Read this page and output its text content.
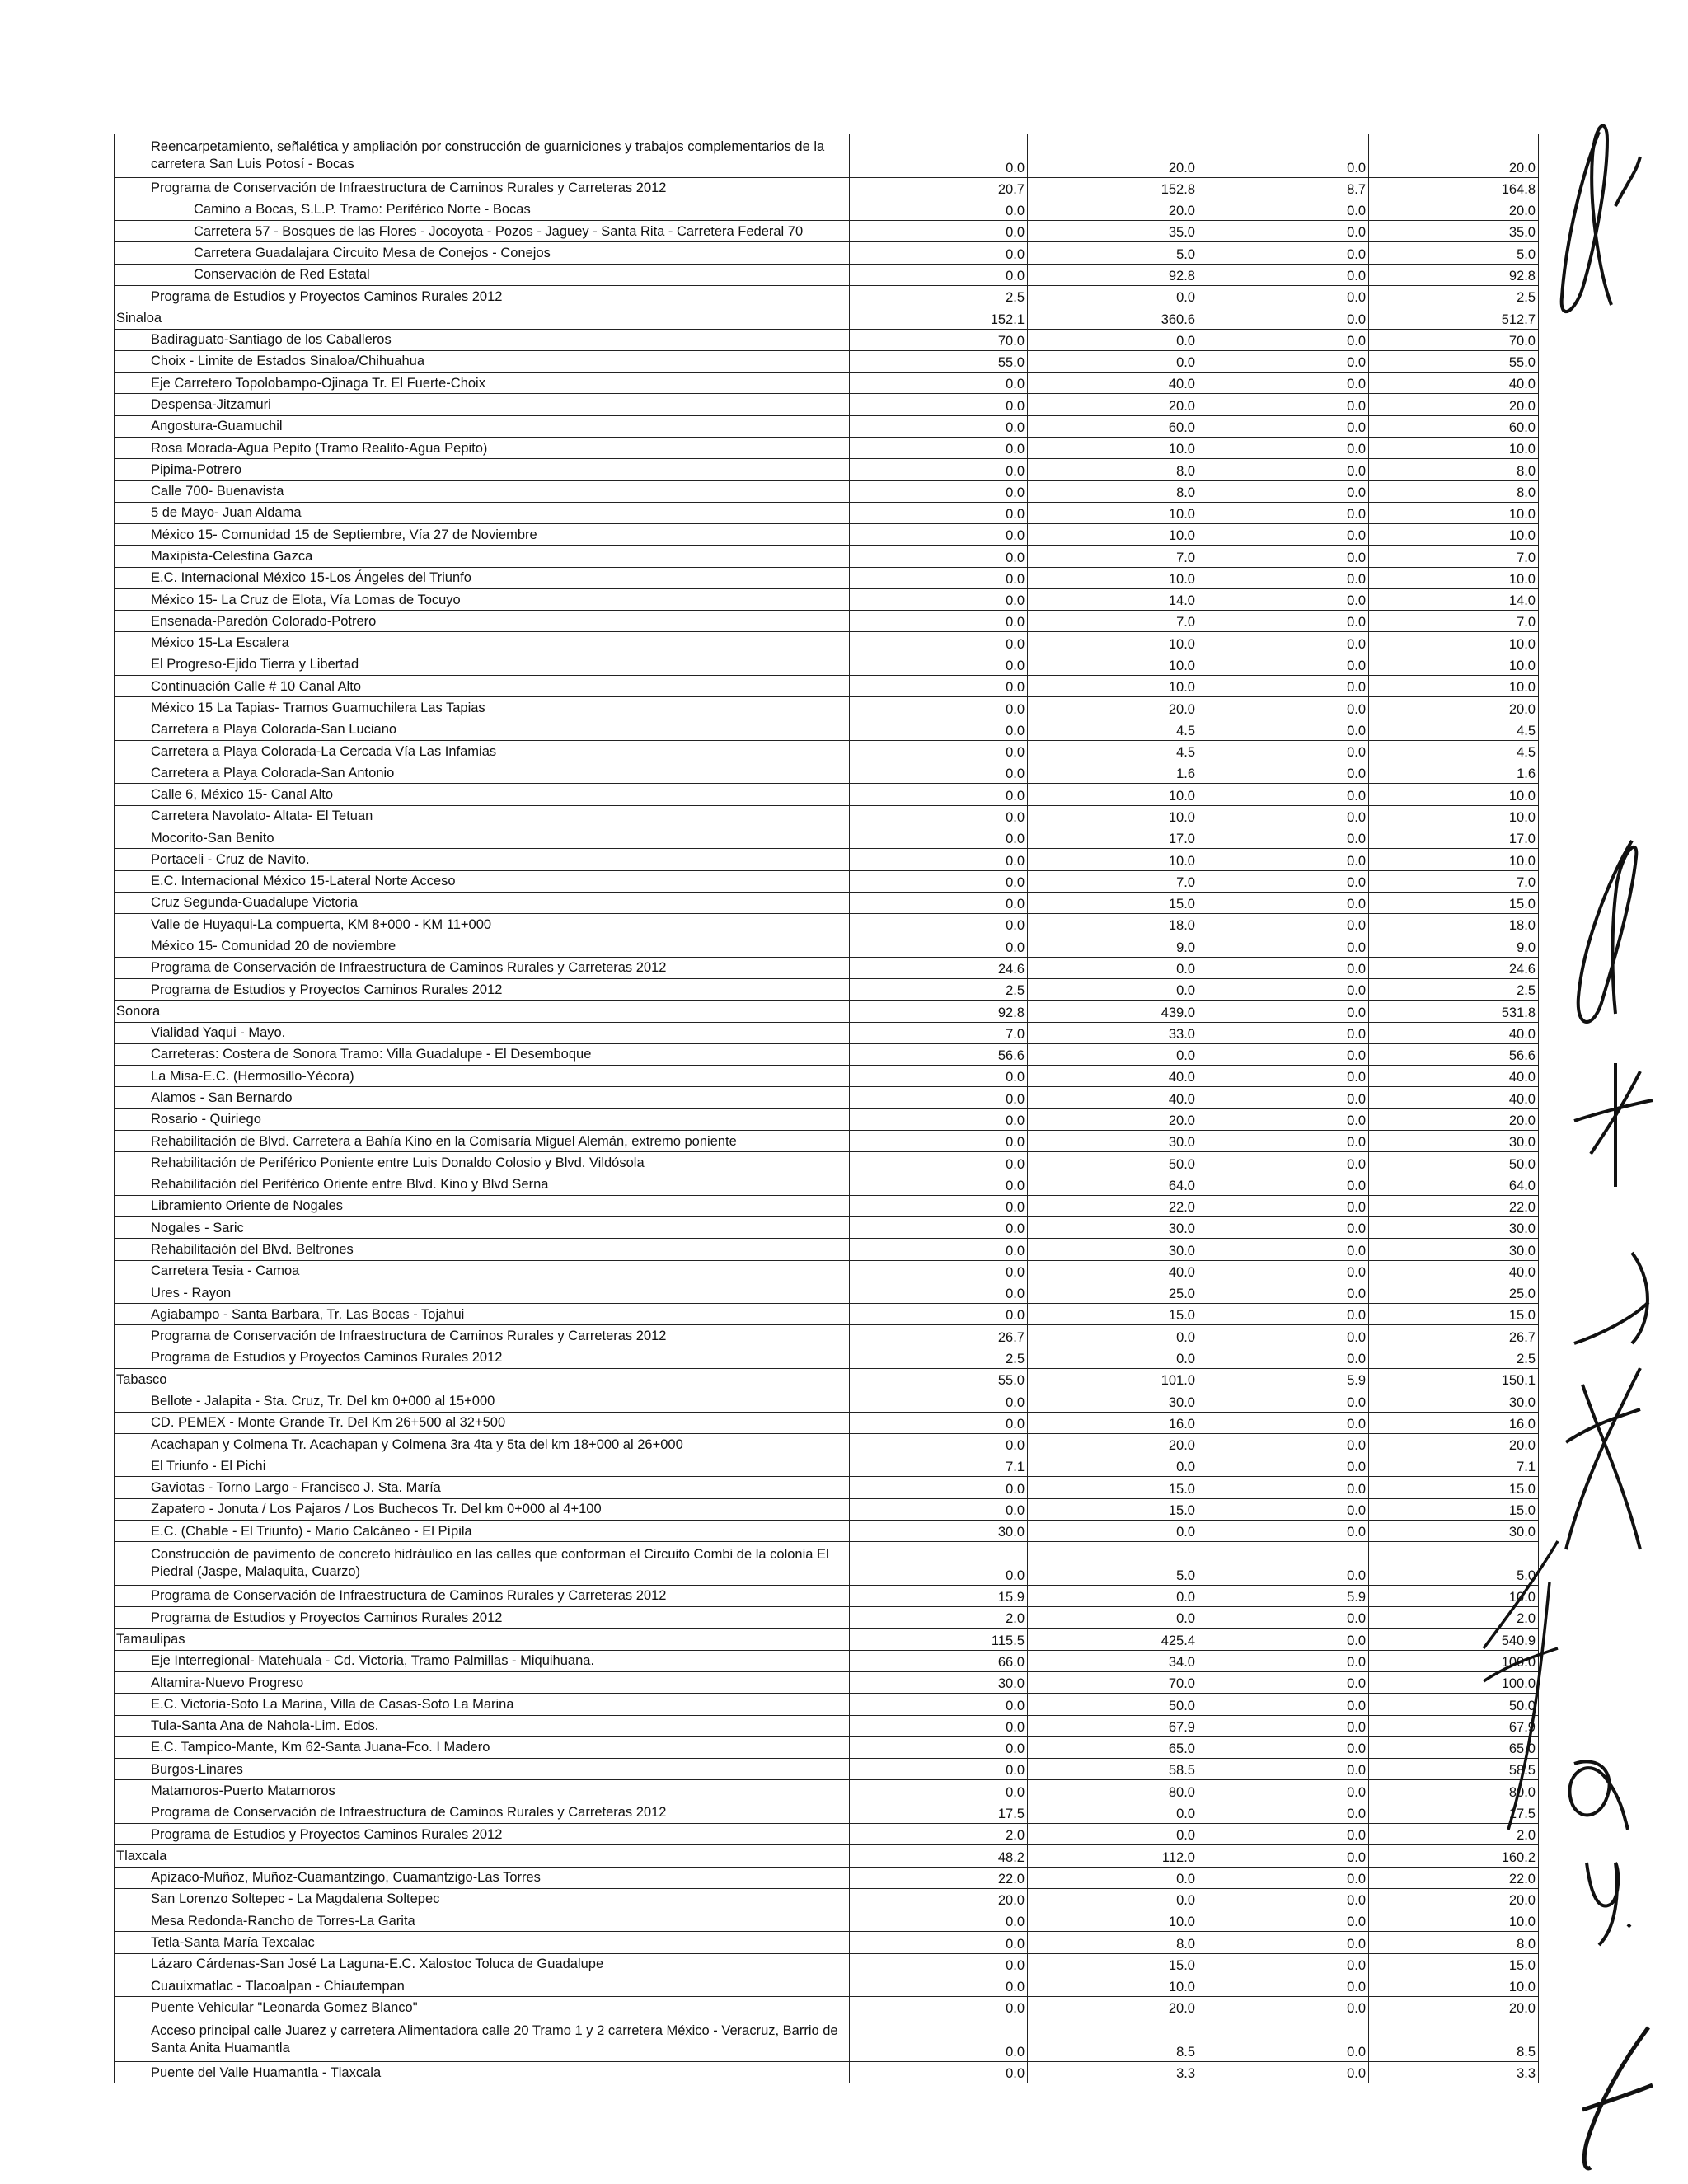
Reencarpetamiento, señalética y ampliación por construcción de guarniciones y trabajos complementarios de la carretera San Luis Potosí - Bocas	0.0	20.0	0.0	20.0
Programa de Conservación de Infraestructura de Caminos Rurales y Carreteras 2012	20.7	152.8	8.7	164.8
Camino a Bocas, S.L.P. Tramo: Periférico Norte - Bocas	0.0	20.0	0.0	20.0
Carretera 57 - Bosques de las Flores - Jocoyota - Pozos - Jaguey - Santa Rita - Carretera Federal 70	0.0	35.0	0.0	35.0
Carretera Guadalajara Circuito Mesa de Conejos - Conejos	0.0	5.0	0.0	5.0
Conservación de Red Estatal	0.0	92.8	0.0	92.8
Programa de Estudios y Proyectos Caminos Rurales 2012	2.5	0.0	0.0	2.5
Sinaloa	152.1	360.6	0.0	512.7
Badiraguato-Santiago de los Caballeros	70.0	0.0	0.0	70.0
Choix - Limite de Estados Sinaloa/Chihuahua	55.0	0.0	0.0	55.0
Eje Carretero Topolobampo-Ojinaga Tr. El Fuerte-Choix	0.0	40.0	0.0	40.0
Despensa-Jitzamuri	0.0	20.0	0.0	20.0
Angostura-Guamuchil	0.0	60.0	0.0	60.0
Rosa Morada-Agua Pepito (Tramo Realito-Agua Pepito)	0.0	10.0	0.0	10.0
Pipima-Potrero	0.0	8.0	0.0	8.0
Calle 700- Buenavista	0.0	8.0	0.0	8.0
5 de Mayo- Juan Aldama	0.0	10.0	0.0	10.0
México 15- Comunidad 15 de Septiembre, Vía 27 de Noviembre	0.0	10.0	0.0	10.0
Maxipista-Celestina Gazca	0.0	7.0	0.0	7.0
E.C. Internacional México 15-Los Ángeles del Triunfo	0.0	10.0	0.0	10.0
México 15- La Cruz de Elota, Vía Lomas de Tocuyo	0.0	14.0	0.0	14.0
Ensenada-Paredón Colorado-Potrero	0.0	7.0	0.0	7.0
México 15-La Escalera	0.0	10.0	0.0	10.0
El Progreso-Ejido Tierra y Libertad	0.0	10.0	0.0	10.0
Continuación Calle # 10 Canal Alto	0.0	10.0	0.0	10.0
México 15 La Tapias- Tramos Guamuchilera Las Tapias	0.0	20.0	0.0	20.0
Carretera a Playa Colorada-San Luciano	0.0	4.5	0.0	4.5
Carretera a Playa Colorada-La Cercada Vía Las Infamias	0.0	4.5	0.0	4.5
Carretera a Playa Colorada-San Antonio	0.0	1.6	0.0	1.6
Calle 6, México 15- Canal Alto	0.0	10.0	0.0	10.0
Carretera Navolato- Altata- El Tetuan	0.0	10.0	0.0	10.0
Mocorito-San Benito	0.0	17.0	0.0	17.0
Portaceli - Cruz de Navito.	0.0	10.0	0.0	10.0
E.C. Internacional México 15-Lateral Norte Acceso	0.0	7.0	0.0	7.0
Cruz Segunda-Guadalupe Victoria	0.0	15.0	0.0	15.0
Valle de Huyaqui-La compuerta, KM 8+000 - KM 11+000	0.0	18.0	0.0	18.0
México 15- Comunidad 20 de noviembre	0.0	9.0	0.0	9.0
Programa de Conservación de Infraestructura de Caminos Rurales y Carreteras 2012	24.6	0.0	0.0	24.6
Programa de Estudios y Proyectos Caminos Rurales 2012	2.5	0.0	0.0	2.5
Sonora	92.8	439.0	0.0	531.8
Vialidad Yaqui - Mayo.	7.0	33.0	0.0	40.0
Carreteras: Costera de Sonora Tramo: Villa Guadalupe - El Desemboque	56.6	0.0	0.0	56.6
La Misa-E.C. (Hermosillo-Yécora)	0.0	40.0	0.0	40.0
Alamos - San Bernardo	0.0	40.0	0.0	40.0
Rosario - Quiriego	0.0	20.0	0.0	20.0
Rehabilitación de Blvd. Carretera a Bahía Kino en la Comisaría Miguel Alemán, extremo poniente	0.0	30.0	0.0	30.0
Rehabilitación de Periférico Poniente entre Luis Donaldo Colosio y Blvd. Vildósola	0.0	50.0	0.0	50.0
Rehabilitación del Periférico Oriente entre Blvd. Kino y Blvd Serna	0.0	64.0	0.0	64.0
Libramiento Oriente de Nogales	0.0	22.0	0.0	22.0
Nogales - Saric	0.0	30.0	0.0	30.0
Rehabilitación del Blvd. Beltrones	0.0	30.0	0.0	30.0
Carretera Tesia - Camoa	0.0	40.0	0.0	40.0
Ures - Rayon	0.0	25.0	0.0	25.0
Agiabampo - Santa Barbara, Tr. Las Bocas - Tojahui	0.0	15.0	0.0	15.0
Programa de Conservación de Infraestructura de Caminos Rurales y Carreteras 2012	26.7	0.0	0.0	26.7
Programa de Estudios y Proyectos Caminos Rurales 2012	2.5	0.0	0.0	2.5
Tabasco	55.0	101.0	5.9	150.1
Bellote - Jalapita - Sta. Cruz, Tr. Del km 0+000 al 15+000	0.0	30.0	0.0	30.0
CD. PEMEX - Monte Grande Tr. Del Km 26+500 al 32+500	0.0	16.0	0.0	16.0
Acachapan y Colmena Tr. Acachapan y Colmena 3ra 4ta y 5ta del km 18+000 al 26+000	0.0	20.0	0.0	20.0
El Triunfo - El Pichi	7.1	0.0	0.0	7.1
Gaviotas - Torno Largo - Francisco J. Sta. María	0.0	15.0	0.0	15.0
Zapatero - Jonuta / Los Pajaros / Los Buchecos Tr. Del km 0+000 al 4+100	0.0	15.0	0.0	15.0
E.C. (Chable - El Triunfo) - Mario Calcáneo - El Pípila	30.0	0.0	0.0	30.0
Construcción de pavimento de concreto hidráulico en las calles que conforman el Circuito Combi de la colonia El Piedral (Jaspe, Malaquita, Cuarzo)	0.0	5.0	0.0	5.0
Programa de Conservación de Infraestructura de Caminos Rurales y Carreteras 2012	15.9	0.0	5.9	10.0
Programa de Estudios y Proyectos Caminos Rurales 2012	2.0	0.0	0.0	2.0
Tamaulipas	115.5	425.4	0.0	540.9
Eje Interregional- Matehuala - Cd. Victoria, Tramo Palmillas - Miquihuana.	66.0	34.0	0.0	100.0
Altamira-Nuevo Progreso	30.0	70.0	0.0	100.0
E.C. Victoria-Soto La Marina, Villa de Casas-Soto La Marina	0.0	50.0	0.0	50.0
Tula-Santa Ana de Nahola-Lim. Edos.	0.0	67.9	0.0	67.9
E.C. Tampico-Mante, Km 62-Santa Juana-Fco. I Madero	0.0	65.0	0.0	65.0
Burgos-Linares	0.0	58.5	0.0	58.5
Matamoros-Puerto Matamoros	0.0	80.0	0.0	80.0
Programa de Conservación de Infraestructura de Caminos Rurales y Carreteras 2012	17.5	0.0	0.0	17.5
Programa de Estudios y Proyectos Caminos Rurales 2012	2.0	0.0	0.0	2.0
Tlaxcala	48.2	112.0	0.0	160.2
Apizaco-Muñoz, Muñoz-Cuamantzingo, Cuamantzigo-Las Torres	22.0	0.0	0.0	22.0
San Lorenzo Soltepec - La Magdalena Soltepec	20.0	0.0	0.0	20.0
Mesa Redonda-Rancho de Torres-La Garita	0.0	10.0	0.0	10.0
Tetla-Santa María Texcalac	0.0	8.0	0.0	8.0
Lázaro Cárdenas-San José La Laguna-E.C. Xalostoc Toluca de Guadalupe	0.0	15.0	0.0	15.0
Cuauixmatlac - Tlacoalpan - Chiautempan	0.0	10.0	0.0	10.0
Puente Vehicular "Leonarda Gomez Blanco"	0.0	20.0	0.0	20.0
Acceso principal calle Juarez y carretera Alimentadora calle 20 Tramo 1 y 2 carretera México - Veracruz, Barrio de Santa Anita Huamantla	0.0	8.5	0.0	8.5
Puente del Valle Huamantla - Tlaxcala	0.0	3.3	0.0	3.3
